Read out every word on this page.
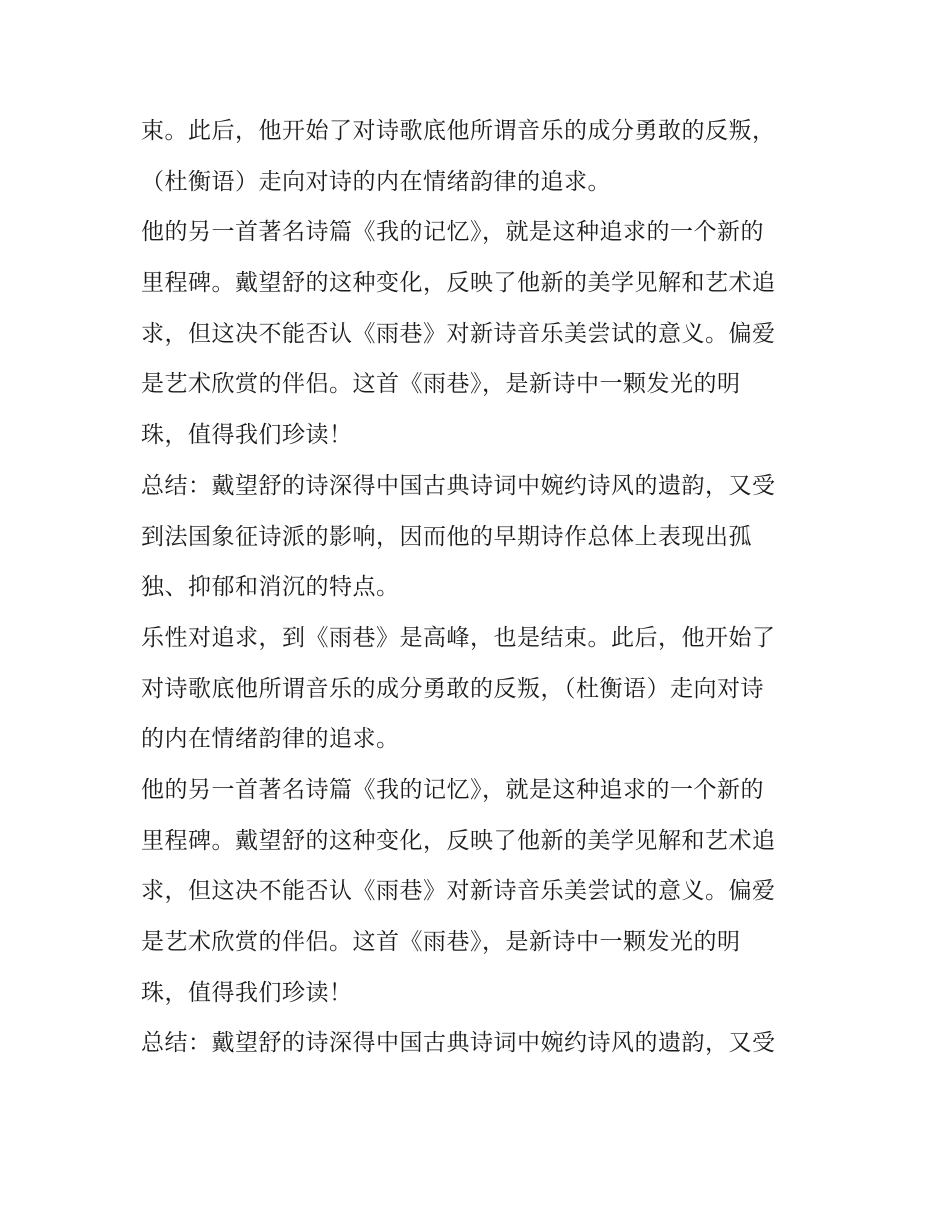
束。此后，他开始了对诗歌底他所谓音乐的成分勇敢的反叛，
（杜衡语）走向对诗的内在情绪韵律的追求。
他的另一首著名诗篇《我的记忆》，就是这种追求的一个新的
里程碑。戴望舒的这种变化，反映了他新的美学见解和艺术追
求，但这决不能否认《雨巷》对新诗音乐美尝试的意义。偏爱
是艺术欣赏的伴侣。这首《雨巷》，是新诗中一颗发光的明
珠，值得我们珍读！
总结：戴望舒的诗深得中国古典诗词中婉约诗风的遗韵，又受
到法国象征诗派的影响，因而他的早期诗作总体上表现出孤
独、抑郁和消沉的特点。
乐性对追求，到《雨巷》是高峰，也是结束。此后，他开始了
对诗歌底他所谓音乐的成分勇敢的反叛，（杜衡语）走向对诗
的内在情绪韵律的追求。
他的另一首著名诗篇《我的记忆》，就是这种追求的一个新的
里程碑。戴望舒的这种变化，反映了他新的美学见解和艺术追
求，但这决不能否认《雨巷》对新诗音乐美尝试的意义。偏爱
是艺术欣赏的伴侣。这首《雨巷》，是新诗中一颗发光的明
珠，值得我们珍读！
总结：戴望舒的诗深得中国古典诗词中婉约诗风的遗韵，又受
